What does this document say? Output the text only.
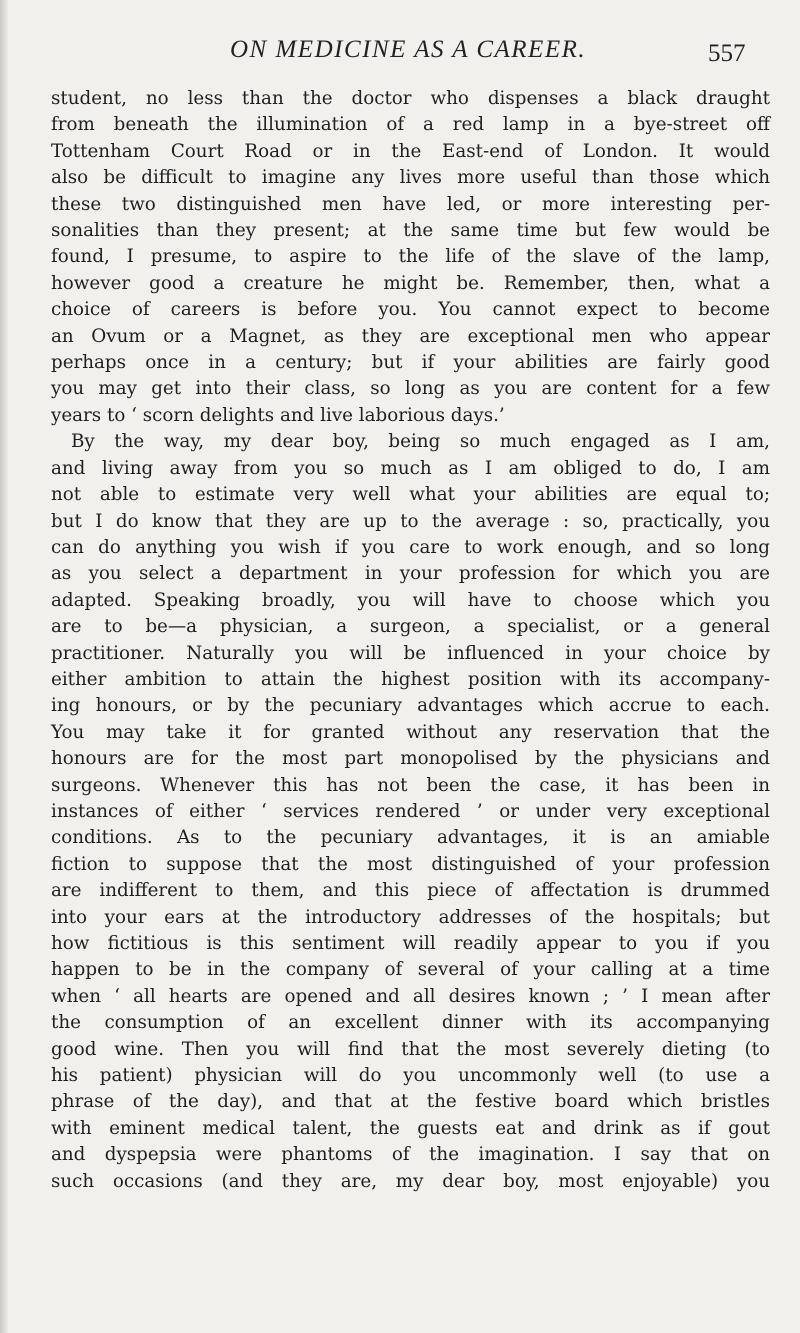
ON MEDICINE AS A CAREER.	557
student, no less than the doctor who dispenses a black draught
from beneath the illumination of a red lamp in a bye-street off
Tottenham Court Road or in the East-end of London. It would
also be difficult to imagine any lives more useful than those which
these two distinguished men have led, or more interesting per-
sonalities than they present; at the same time but few would be
found, I presume, to aspire to the life of the slave of the lamp,
however good a creature he might be. Remember, then, what a
choice of careers is before you. You cannot expect to become
an Ovum or a Magnet, as they are exceptional men who appear
perhaps once in a century; but if your abilities are fairly good
you may get into their class, so long as you are content for a few
years to ‘ scorn delights and live laborious days.’
By the way, my dear boy, being so much engaged as I am,
and living away from you so much as I am obliged to do, I am
not able to estimate very well what your abilities are equal to;
but I do know that they are up to the average : so, practically, you
can do anything you wish if you care to work enough, and so long
as you select a department in your profession for which you are
adapted. Speaking broadly, you will have to choose which you
are to be—a physician, a surgeon, a specialist, or a general
practitioner. Naturally you will be influenced in your choice by
either ambition to attain the highest position with its accompany-
ing honours, or by the pecuniary advantages which accrue to each.
You may take it for granted without any reservation that the
honours are for the most part monopolised by the physicians and
surgeons. Whenever this has not been the case, it has been in
instances of either ‘ services rendered ’ or under very exceptional
conditions. As to the pecuniary advantages, it is an amiable
fiction to suppose that the most distinguished of your profession
are indifferent to them, and this piece of affectation is drummed
into your ears at the introductory addresses of the hospitals; but
how fictitious is this sentiment will readily appear to you if you
happen to be in the company of several of your calling at a time
when ‘ all hearts are opened and all desires known ; ’ I mean after
the consumption of an excellent dinner with its accompanying
good wine. Then you will find that the most severely dieting (to
his patient) physician will do you uncommonly well (to use a
phrase of the day), and that at the festive board which bristles
with eminent medical talent, the guests eat and drink as if gout
and dyspepsia were phantoms of the imagination. I say that on
such occasions (and they are, my dear boy, most enjoyable) you
